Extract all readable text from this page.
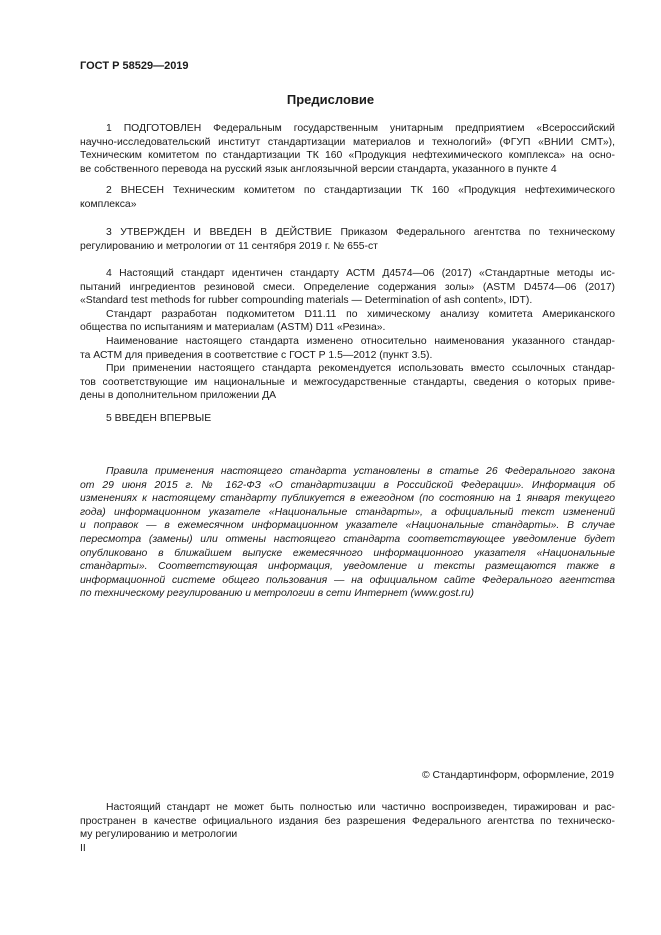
ГОСТ Р 58529—2019
Предисловие
1 ПОДГОТОВЛЕН Федеральным государственным унитарным предприятием «Всероссийский
научно-исследовательский институт стандартизации материалов и технологий» (ФГУП «ВНИИ СМТ»),
Техническим комитетом по стандартизации ТК 160 «Продукция нефтехимического комплекса» на осно-
ве собственного перевода на русский язык англоязычной версии стандарта, указанного в пункте 4
2 ВНЕСЕН Техническим комитетом по стандартизации ТК 160 «Продукция нефтехимического
комплекса»
3 УТВЕРЖДЕН И ВВЕДЕН В ДЕЙСТВИЕ Приказом Федерального агентства по техническому
регулированию и метрологии от 11 сентября 2019 г. № 655-ст
4 Настоящий стандарт идентичен стандарту АСТМ Д4574—06 (2017) «Стандартные методы ис-
пытаний ингредиентов резиновой смеси. Определение содержания золы» (ASTM D4574—06 (2017)
«Standard test methods for rubber compounding materials — Determination of ash content», IDT).
Стандарт разработан подкомитетом D11.11 по химическому анализу комитета Американского
общества по испытаниям и материалам (ASTM) D11 «Резина».
Наименование настоящего стандарта изменено относительно наименования указанного стандар-
та АСТМ для приведения в соответствие с ГОСТ Р 1.5—2012 (пункт 3.5).
При применении настоящего стандарта рекомендуется использовать вместо ссылочных стандар-
тов соответствующие им национальные и межгосударственные стандарты, сведения о которых приве-
дены в дополнительном приложении ДА
5 ВВЕДЕН ВПЕРВЫЕ
Правила применения настоящего стандарта установлены в статье 26 Федерального закона
от 29 июня 2015 г. № 162-ФЗ «О стандартизации в Российской Федерации». Информация об
изменениях к настоящему стандарту публикуется в ежегодном (по состоянию на 1 января текущего
года) информационном указателе «Национальные стандарты», а официальный текст изменений
и поправок — в ежемесячном информационном указателе «Национальные стандарты». В случае
пересмотра (замены) или отмены настоящего стандарта соответствующее уведомление будет
опубликовано в ближайшем выпуске ежемесячного информационного указателя «Национальные
стандарты». Соответствующая информация, уведомление и тексты размещаются также в
информационной системе общего пользования — на официальном сайте Федерального агентства
по техническому регулированию и метрологии в сети Интернет (www.gost.ru)
© Стандартинформ, оформление, 2019
Настоящий стандарт не может быть полностью или частично воспроизведен, тиражирован и рас-
пространен в качестве официального издания без разрешения Федерального агентства по техническо-
му регулированию и метрологии
II
